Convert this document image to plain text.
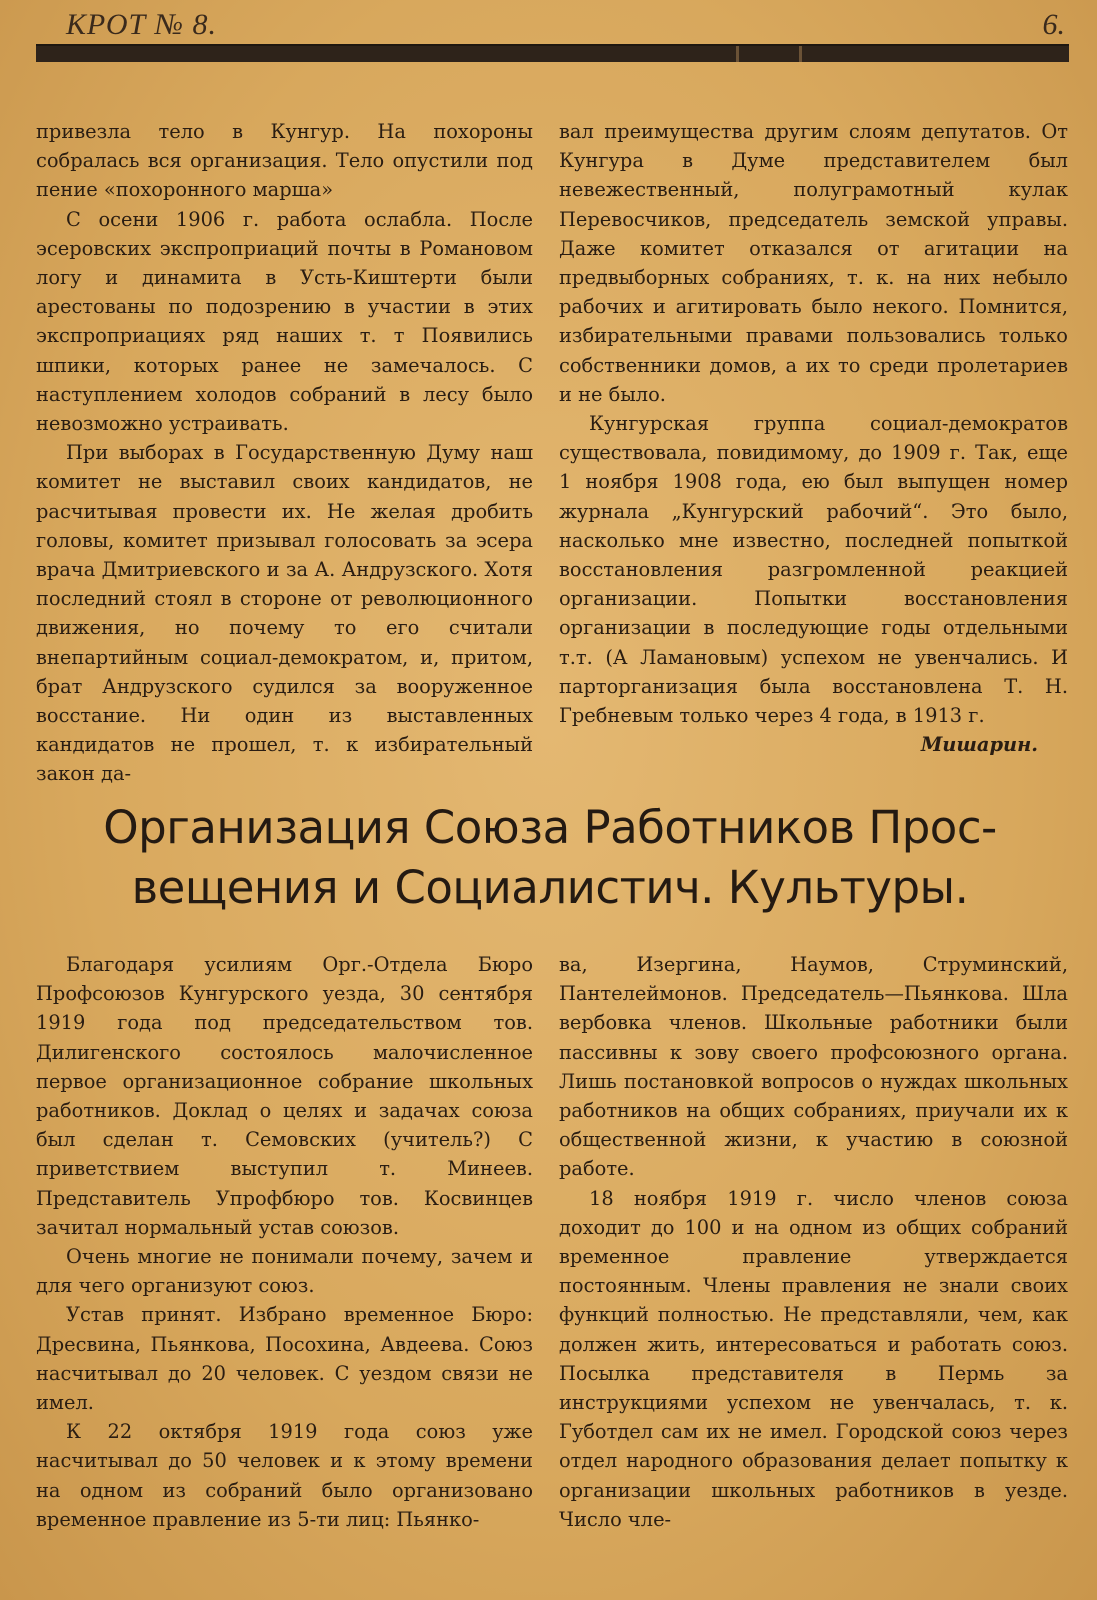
КРОТ № 8.	6.

привезла тело в Кунгур. На похороны собралась вся организация. Тело опустили под пение «похоронного марша»

С осени 1906 г. работа ослабла. После эсеровских экспроприаций почты в Романовом логу и динамита в Усть-Киштерти были арестованы по подозрению в участии в этих экспроприациях ряд наших т. т Появились шпики, которых ранее не замечалось. С наступлением холодов собраний в лесу было невозможно устраивать.

При выборах в Государственную Думу наш комитет не выставил своих кандидатов, не расчитывая провести их. Не желая дробить головы, комитет призывал голосовать за эсера врача Дмитриевского и за А. Андрузского. Хотя последний стоял в стороне от революционного движения, но почему то его считали внепартийным социал-демократом, и, притом, брат Андрузского судился за вооруженное восстание. Ни один из выставленных кандидатов не прошел, т. к избирательный закон да-

вал преимущества другим слоям депутатов. От Кунгура в Думе представителем был невежественный, полуграмотный кулак Перевосчиков, председатель земской управы. Даже комитет отказался от агитации на предвыборных собраниях, т. к. на них небыло рабочих и агитировать было некого. Помнится, избирательными правами пользовались только собственники домов, а их то среди пролетариев и не было.

Кунгурская группа социал-демократов существовала, повидимому, до 1909 г. Так, еще 1 ноября 1908 года, ею был выпущен номер журнала „Кунгурский рабочий“. Это было, насколько мне известно, последней попыткой восстановления разгромленной реакцией организации. Попытки восстановления организации в последующие годы отдельными т.т. (А Ламановым) успехом не увенчались. И парторганизация была восстановлена Т. Н. Гребневым только через 4 года, в 1913 г.

Мишарин.

Организация Союза Работников Прос-
вещения и Социалистич. Культуры.

Благодаря усилиям Орг.-Отдела Бюро Профсоюзов Кунгурского уезда, 30 сентября 1919 года под председательством тов. Дилигенского состоялось малочисленное первое организационное собрание школьных работников. Доклад о целях и задачах союза был сделан т. Семовских (учитель?) С приветствием выступил т. Минеев. Представитель Упрофбюро тов. Косвинцев зачитал нормальный устав союзов.

Очень многие не понимали почему, зачем и для чего организуют союз.

Устав принят. Избрано временное Бюро: Дресвина, Пьянкова, Посохина, Авдеева. Союз насчитывал до 20 человек. С уездом связи не имел.

К 22 октября 1919 года союз уже насчитывал до 50 человек и к этому времени на одном из собраний было организовано временное правление из 5-ти лиц: Пьянко-

ва, Изергина, Наумов, Струминский, Пантелеймонов. Председатель—Пьянкова. Шла вербовка членов. Школьные работники были пассивны к зову своего профсоюзного органа. Лишь постановкой вопросов о нуждах школьных работников на общих собраниях, приучали их к общественной жизни, к участию в союзной работе.

18 ноября 1919 г. число членов союза доходит до 100 и на одном из общих собраний временное правление утверждается постоянным. Члены правления не знали своих функций полностью. Не представляли, чем, как должен жить, интересоваться и работать союз. Посылка представителя в Пермь за инструкциями успехом не увенчалась, т. к. Губотдел сам их не имел. Городской союз через отдел народного образования делает попытку к организации школьных работников в уезде. Число чле-
